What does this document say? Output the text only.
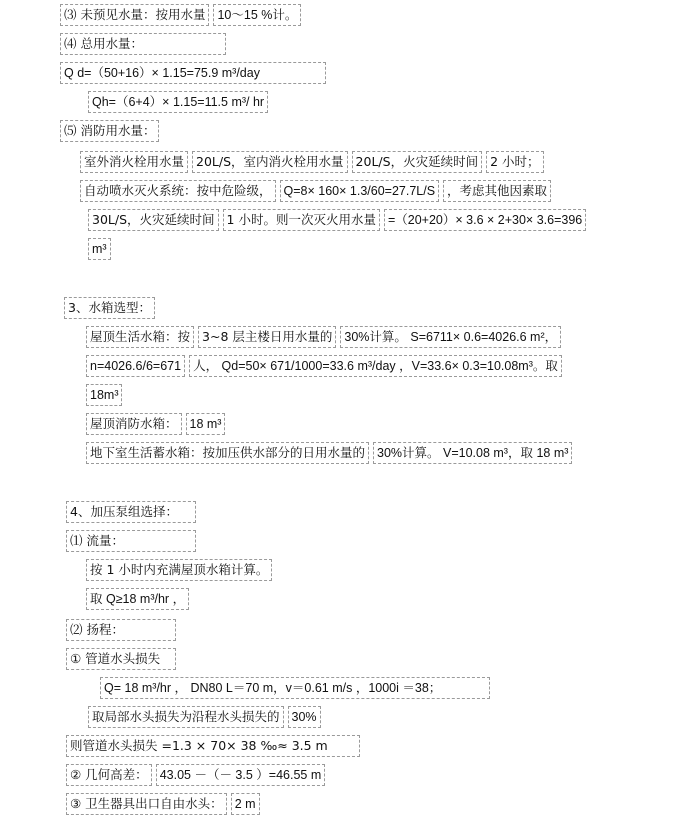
⑶ 未预见水量：按用水量 10～15 %计。
⑷ 总用水量：
Q d=（50+16）× 1.15=75.9 m³/day
Qh=（6+4）× 1.15=11.5 m³/ hr
⑸ 消防用水量：
室外消火栓用水量 20L/S，室内消火栓用水量 20L/S，火灾延续时间 2 小时；
自动喷水灭火系统：按中危险级， Q=8× 160× 1.3/60=27.7L/S ，考虑其他因素取
30L/S，火灾延续时间 1 小时。则一次灭火用水量 =（20+20）× 3.6 × 2+30× 3.6=396
m³
3、水箱选型：
屋顶生活水箱：按 3~8 层主楼日用水量的 30%计算。 S=6711× 0.6=4026.6 m²，
n=4026.6/6=671 人， Qd=50× 671/1000=33.6 m³/day ，V=33.6× 0.3=10.08m³。取
18m³
屋顶消防水箱： 18 m³
地下室生活蓄水箱：按加压供水部分的日用水量的 30%计算。 V=10.08 m³，取 18 m³
4、加压泵组选择：
⑴ 流量：
按 1 小时内充满屋顶水箱计算。
取 Q≥18 m³/hr ，
⑵ 扬程：
① 管道水头损失
Q= 18 m³/hr ， DN80 L＝70 m，v＝0.61 m/s ，1000i ＝38；
取局部水头损失为沿程水头损失的 30%
则管道水头损失 =1.3 × 70× 38 ‰≈ 3.5 m
② 几何高差： 43.05 －（－ 3.5 ）=46.55 m
③ 卫生器具出口自由水头： 2 m
